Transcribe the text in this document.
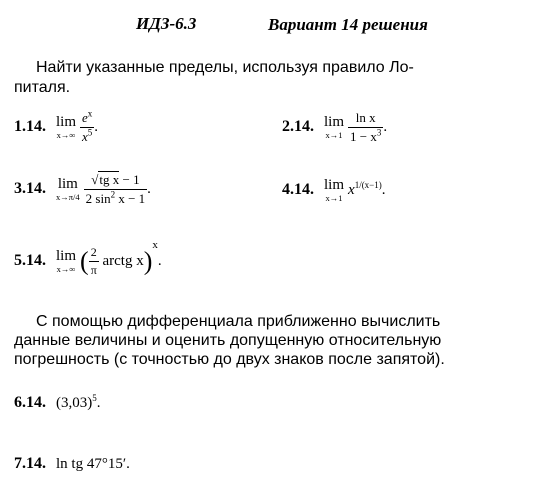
ИДЗ-6.3	Вариант 14 решения
Найти указанные пределы, используя правило Ло-
питаля.
1.14. lim
x→∞
$\frac{e^x}{x^5}$ .	2.14. lim
x→1
$\frac{\text{ln x}}{1 - x^3}$ .
3.14. lim
x→π/4
$\frac{\text{√tg x − 1}}{2 \sin^2 x - 1}$ .	4.14. lim
x→1
$x^{1/(x-1)}$.
5.14. lim
x→∞ ( $\frac{2}{\pi}$ arctg x)$^x$.
С помощью дифференциала приближенно вычислить
данные величины и оценить допущенную относительную
погрешность (с точностью до двух знаков после запятой).
6.14. $(3,03)^5$.
7.14. ln tg 47°15′.
